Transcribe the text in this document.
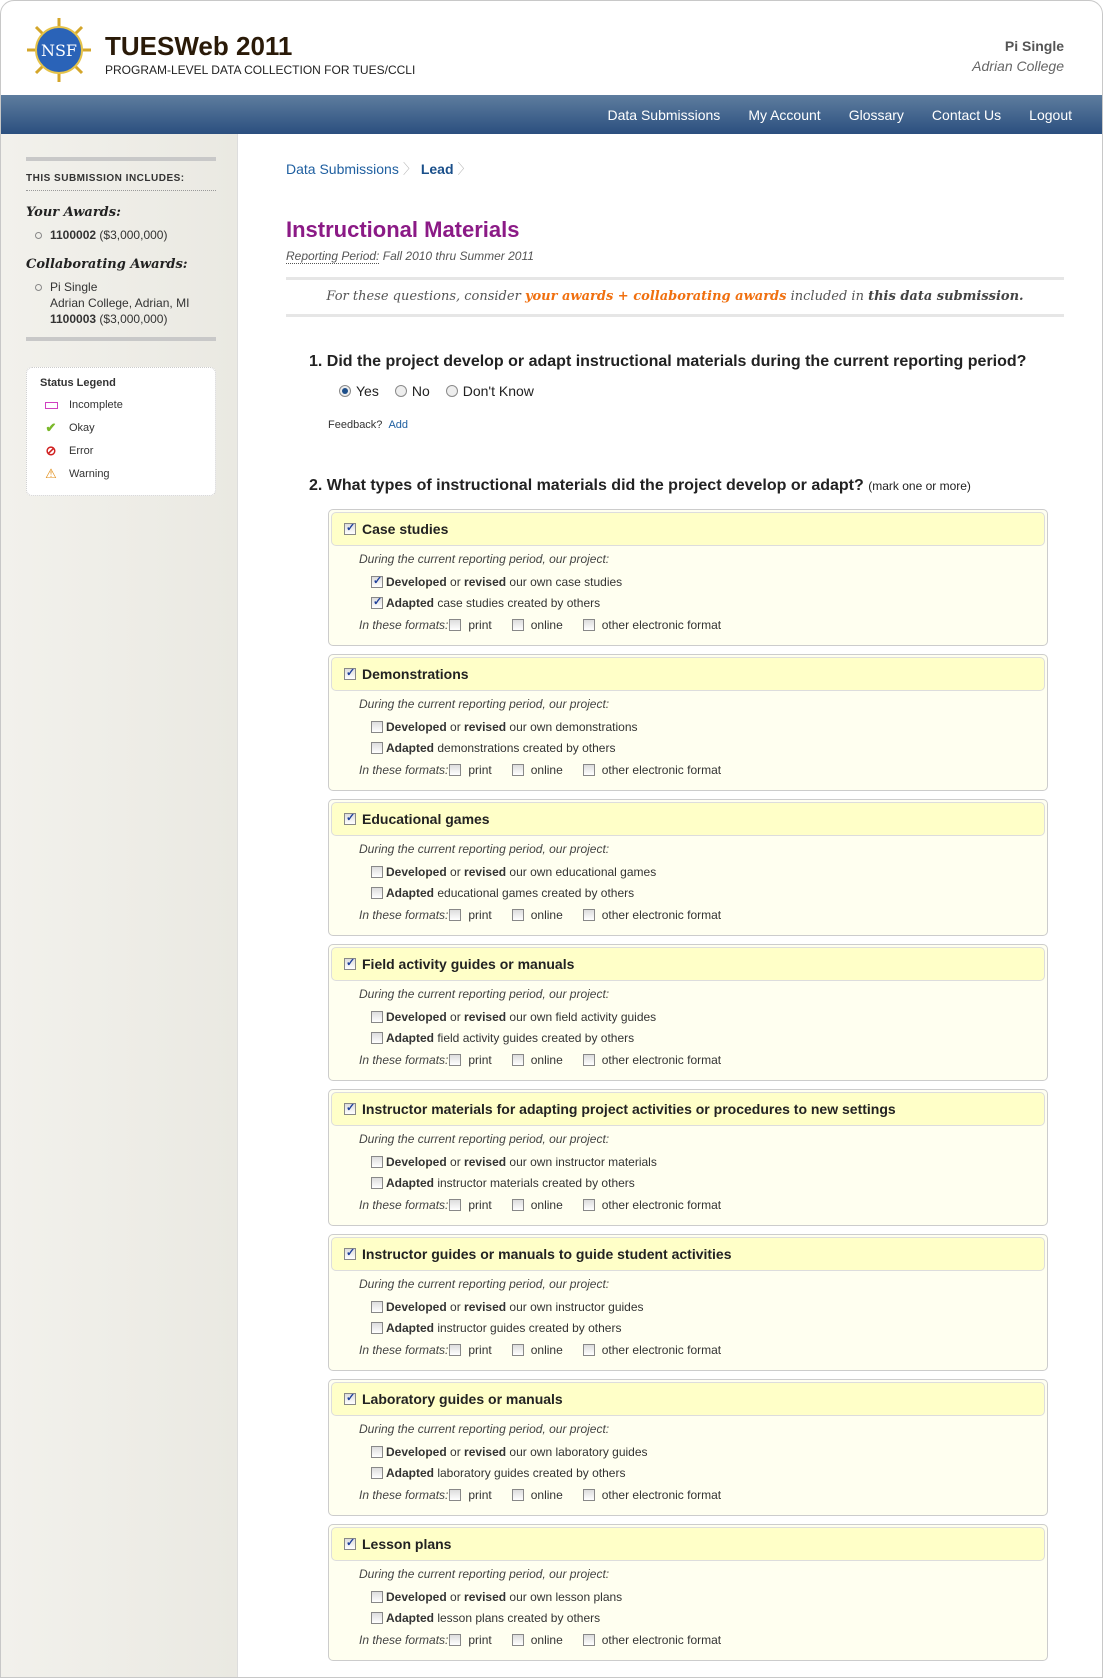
NSF TUESWeb 2011
PROGRAM-LEVEL DATA COLLECTION FOR TUES/CCLI
Pi Single
Adrian College
Data Submissions My Account Glossary Contact Us Logout
THIS SUBMISSION INCLUDES:
Your Awards:
1100002 ($3,000,000)
Collaborating Awards:
Pi Single
Adrian College, Adrian, MI
1100003 ($3,000,000)
Status Legend
Incomplete
✔	Okay
⊘	Error
⚠	Warning
Data Submissions 〉 Lead 〉
Instructional Materials
Reporting Period: Fall 2010 thru Summer 2011
For these questions, consider your awards + collaborating awards included in this data submission.
1. Did the project develop or adapt instructional materials during the current reporting period?
Yes No Don't Know
Feedback? Add
2. What types of instructional materials did the project develop or adapt? (mark one or more)
✓
Case studies
During the current reporting period, our project:
✓
Developed
or
revised
our own
case studies
✓
Adapted
case studies
created by others
In these formats: print	online	other electronic format
✓
Demonstrations
During the current reporting period, our project:
Developed
or
revised
our own
demonstrations
Adapted
demonstrations
created by others
In these formats: print	online	other electronic format
✓
Educational games
During the current reporting period, our project:
Developed
or
revised
our own
educational games
Adapted
educational games
created by others
In these formats: print	online	other electronic format
✓
Field activity guides or manuals
During the current reporting period, our project:
Developed
or
revised
our own
field activity guides
Adapted
field activity guides
created by others
In these formats: print	online	other electronic format
✓
Instructor materials for adapting project activities or procedures to new settings
During the current reporting period, our project:
Developed
or
revised
our own
instructor materials
Adapted
instructor materials
created by others
In these formats: print	online	other electronic format
✓
Instructor guides or manuals to guide student activities
During the current reporting period, our project:
Developed
or
revised
our own
instructor guides
Adapted
instructor guides
created by others
In these formats: print	online	other electronic format
✓
Laboratory guides or manuals
During the current reporting period, our project:
Developed
or
revised
our own
laboratory guides
Adapted
laboratory guides
created by others
In these formats: print	online	other electronic format
✓
Lesson plans
During the current reporting period, our project:
Developed
or
revised
our own
lesson plans
Adapted
lesson plans
created by others
In these formats: print	online	other electronic format
